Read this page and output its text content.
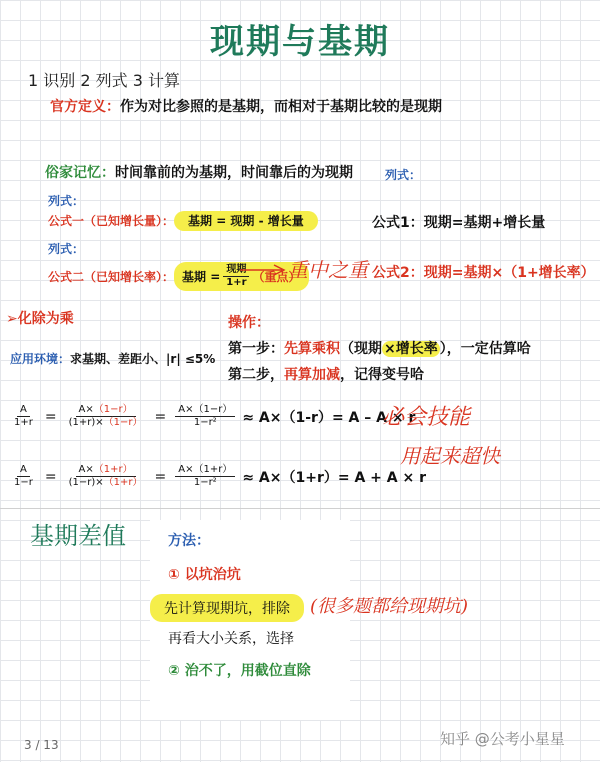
现期与基期
1 识别 2 列式 3 计算
官方定义：作为对比参照的是基期，而相对于基期比较的是现期
俗家记忆：时间靠前的为基期，时间靠后的为现期
列式：
列式：
公式一（已知增长量）： 基期 = 现期 - 增长量	公式1：现期=基期+增长量
列式：
公式二（已知增长率）： 基期 = $\frac{\text{现期}}{1+r}$ （重点）
重中之重 公式2：现期=基期×（1+增长率）
➢化除为乘
应用环境：求基期、差距小、|r| ≤5%
操作：
第一步：先算乘积（现期 ×增长率 ），一定估算哈
第二步，再算加减，记得变号哈
$\frac{A}{1+r} = \frac{A\times(1-r)}{(1+r)\times(1-r)} = \frac{A\times(1-r)}{\text{1−r²}} \approx A\times(1-r)= A - A \times r$
必会技能
用起来超快
$\frac{A}{1-r} = \frac{A\times(1+r)}{(1-r)\times(1+r)} = \frac{A\times(1+r)}{\text{1−r²}} \approx A\times(1+r)= A + A \times r$
基期差值	方法：
① 以坑治坑
先计算现期坑，排除	(很多题都给现期坑)
再看大小关系，选择
② 治不了，用截位直除
3 / 13	知乎 @公考小星星
